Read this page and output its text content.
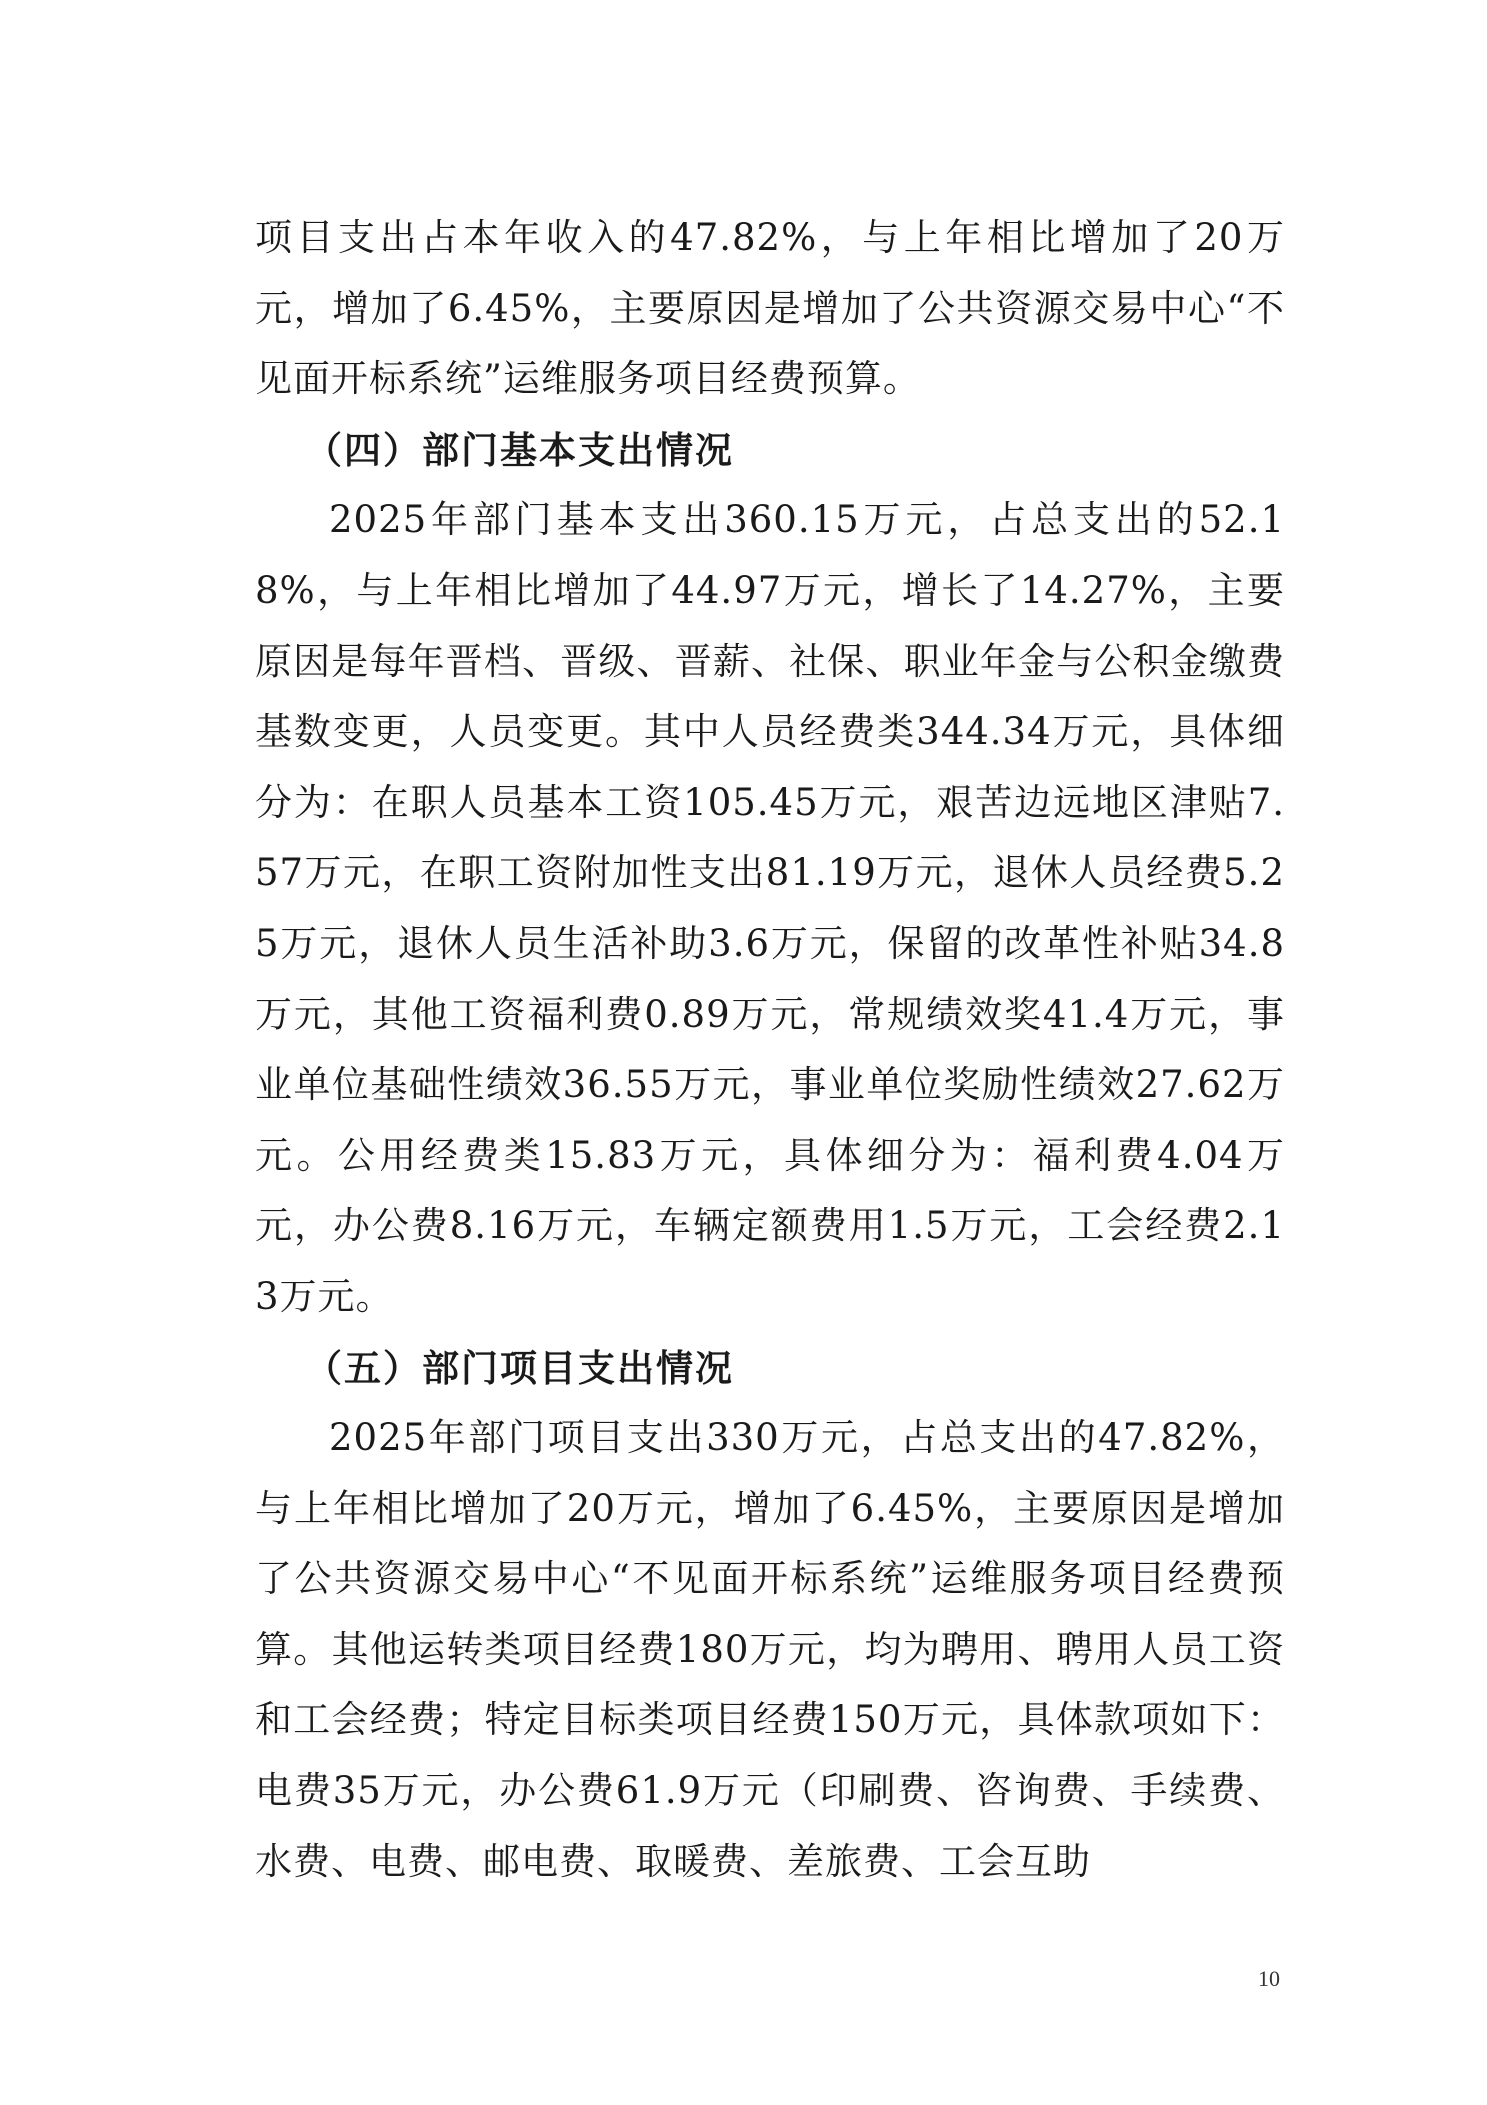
项目支出占本年收入的47.82%，与上年相比增加了20万元，增加了6.45%，主要原因是增加了公共资源交易中心“不见面开标系统”运维服务项目经费预算。

（四）部门基本支出情况

2025年部门基本支出360.15万元，占总支出的52.18%，与上年相比增加了44.97万元，增长了14.27%，主要原因是每年晋档、晋级、晋薪、社保、职业年金与公积金缴费基数变更，人员变更。其中人员经费类344.34万元，具体细分为：在职人员基本工资105.45万元，艰苦边远地区津贴7.57万元，在职工资附加性支出81.19万元，退休人员经费5.25万元，退休人员生活补助3.6万元，保留的改革性补贴34.8万元，其他工资福利费0.89万元，常规绩效奖41.4万元，事业单位基础性绩效36.55万元，事业单位奖励性绩效27.62万元。公用经费类15.83万元，具体细分为：福利费4.04万元，办公费8.16万元，车辆定额费用1.5万元，工会经费2.13万元。

（五）部门项目支出情况

2025年部门项目支出330万元，占总支出的47.82%，与上年相比增加了20万元，增加了6.45%，主要原因是增加了公共资源交易中心“不见面开标系统”运维服务项目经费预算。其他运转类项目经费180万元，均为聘用、聘用人员工资和工会经费；特定目标类项目经费150万元，具体款项如下：电费35万元，办公费61.9万元（印刷费、咨询费、手续费、水费、电费、邮电费、取暖费、差旅费、工会互助

10
